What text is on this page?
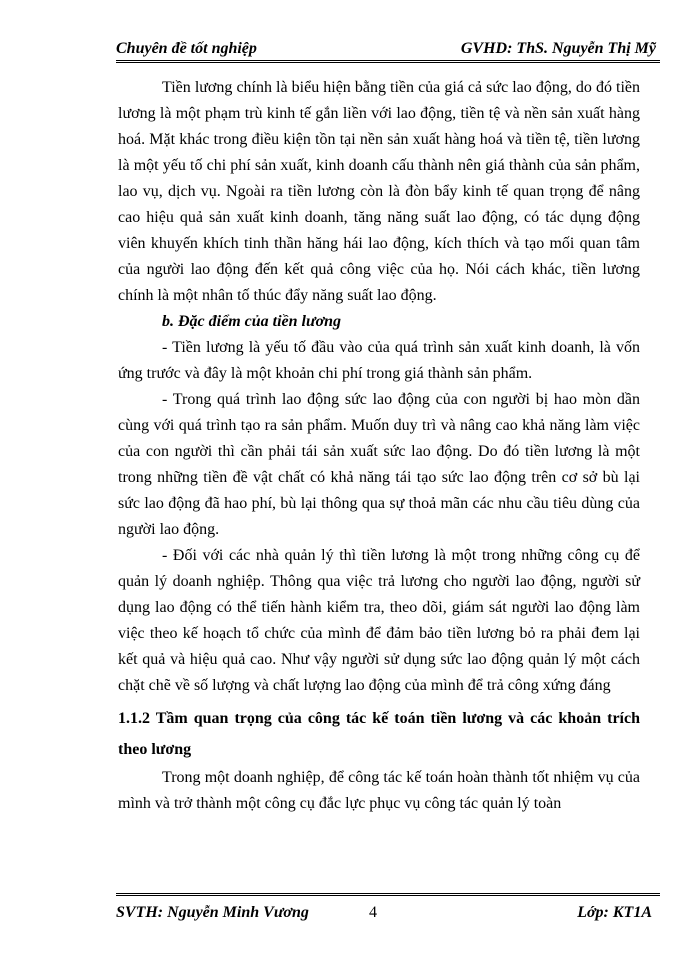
Chuyên đề tốt nghiệp	GVHD: ThS. Nguyễn Thị Mỹ

Tiền lương chính là biểu hiện bằng tiền của giá cả sức lao động, do đó tiền lương là một phạm trù kinh tế gắn liền với lao động, tiền tệ và nền sản xuất hàng hoá. Mặt khác trong điều kiện tồn tại nền sản xuất hàng hoá và tiền tệ, tiền lương là một yếu tố chi phí sản xuất, kinh doanh cấu thành nên giá thành của sản phẩm, lao vụ, dịch vụ. Ngoài ra tiền lương còn là đòn bẩy kinh tế quan trọng để nâng cao hiệu quả sản xuất kinh doanh, tăng năng suất lao động, có tác dụng động viên khuyến khích tinh thần hăng hái lao động, kích thích và tạo mối quan tâm của người lao động đến kết quả công việc của họ. Nói cách khác, tiền lương chính là một nhân tố thúc đẩy năng suất lao động.

b. Đặc điểm của tiền lương

- Tiền lương là yếu tố đầu vào của quá trình sản xuất kinh doanh, là vốn ứng trước và đây là một khoản chi phí trong giá thành sản phẩm.

- Trong quá trình lao động sức lao động của con người bị hao mòn dần cùng với quá trình tạo ra sản phẩm. Muốn duy trì và nâng cao khả năng làm việc của con người thì cần phải tái sản xuất sức lao động. Do đó tiền lương là một trong những tiền đề vật chất có khả năng tái tạo sức lao động trên cơ sở bù lại sức lao động đã hao phí, bù lại thông qua sự thoả mãn các nhu cầu tiêu dùng của người lao động.

- Đối với các nhà quản lý thì tiền lương là một trong những công cụ để quản lý doanh nghiệp. Thông qua việc trả lương cho người lao động, người sử dụng lao động có thể tiến hành kiểm tra, theo dõi, giám sát người lao động làm việc theo kế hoạch tổ chức của mình để đảm bảo tiền lương bỏ ra phải đem lại kết quả và hiệu quả cao. Như vậy người sử dụng sức lao động quản lý một cách chặt chẽ về số lượng và chất lượng lao động của mình để trả công xứng đáng

1.1.2 Tầm quan trọng của công tác kế toán tiền lương và các khoản trích theo lương

Trong một doanh nghiệp, để công tác kế toán hoàn thành tốt nhiệm vụ của mình và trở thành một công cụ đắc lực phục vụ công tác quản lý toàn

SVTH: Nguyễn Minh Vương	4	Lớp: KT1A
